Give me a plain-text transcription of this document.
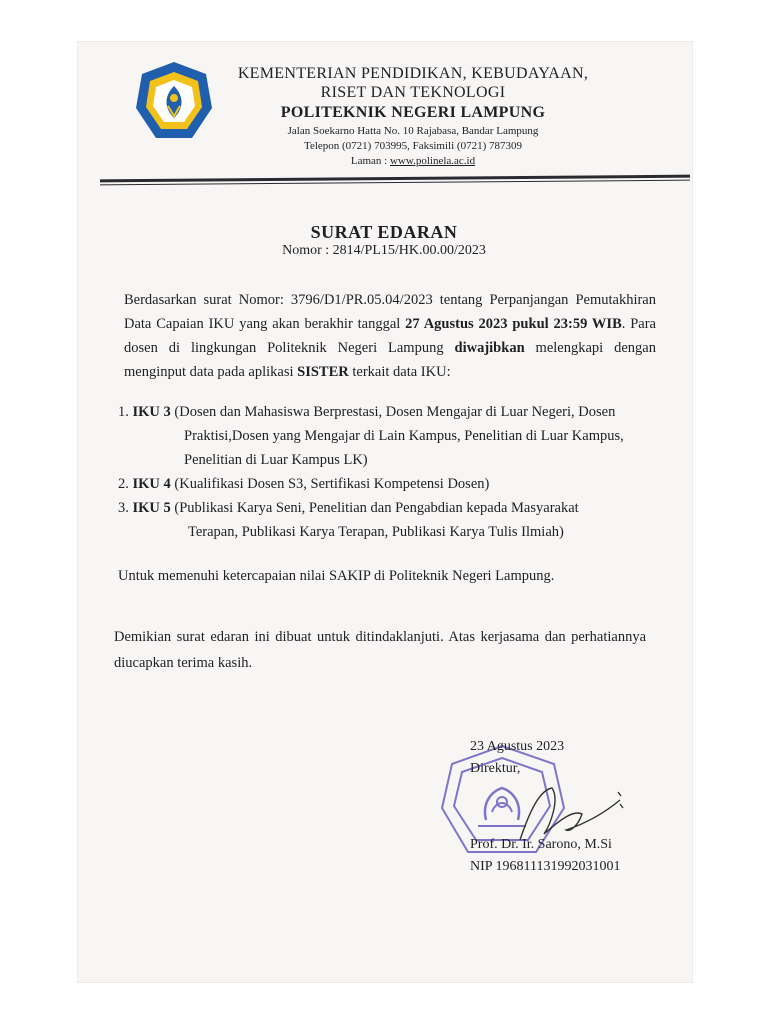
KEMENTERIAN PENDIDIKAN, KEBUDAYAAN,
RISET DAN TEKNOLOGI
POLITEKNIK NEGERI LAMPUNG
Jalan Soekarno Hatta No. 10 Rajabasa, Bandar Lampung
Telepon (0721) 703995, Faksimili (0721) 787309
Laman : www.polinela.ac.id
SURAT EDARAN
Nomor : 2814/PL15/HK.00.00/2023

Berdasarkan surat Nomor: 3796/D1/PR.05.04/2023 tentang Perpanjangan Pemutakhiran Data Capaian IKU yang akan berakhir tanggal 27 Agustus 2023 pukul 23:59 WIB. Para dosen di lingkungan Politeknik Negeri Lampung diwajibkan melengkapi dengan menginput data pada aplikasi SISTER terkait data IKU:

1. IKU 3 (Dosen dan Mahasiswa Berprestasi, Dosen Mengajar di Luar Negeri, Dosen
Praktisi,Dosen yang Mengajar di Lain Kampus, Penelitian di Luar Kampus, Penelitian di Luar Kampus LK)
2. IKU 4 (Kualifikasi Dosen S3, Sertifikasi Kompetensi Dosen)
3. IKU 5 (Publikasi Karya Seni, Penelitian dan Pengabdian kepada Masyarakat
Terapan, Publikasi Karya Terapan, Publikasi Karya Tulis Ilmiah)
Untuk memenuhi ketercapaian nilai SAKIP di Politeknik Negeri Lampung.
Demikian surat edaran ini dibuat untuk ditindaklanjuti. Atas kerjasama dan perhatiannya diucapkan terima kasih.
23 Agustus 2023
Direktur,
Prof. Dr. Ir. Sarono, M.Si
NIP 196811131992031001
